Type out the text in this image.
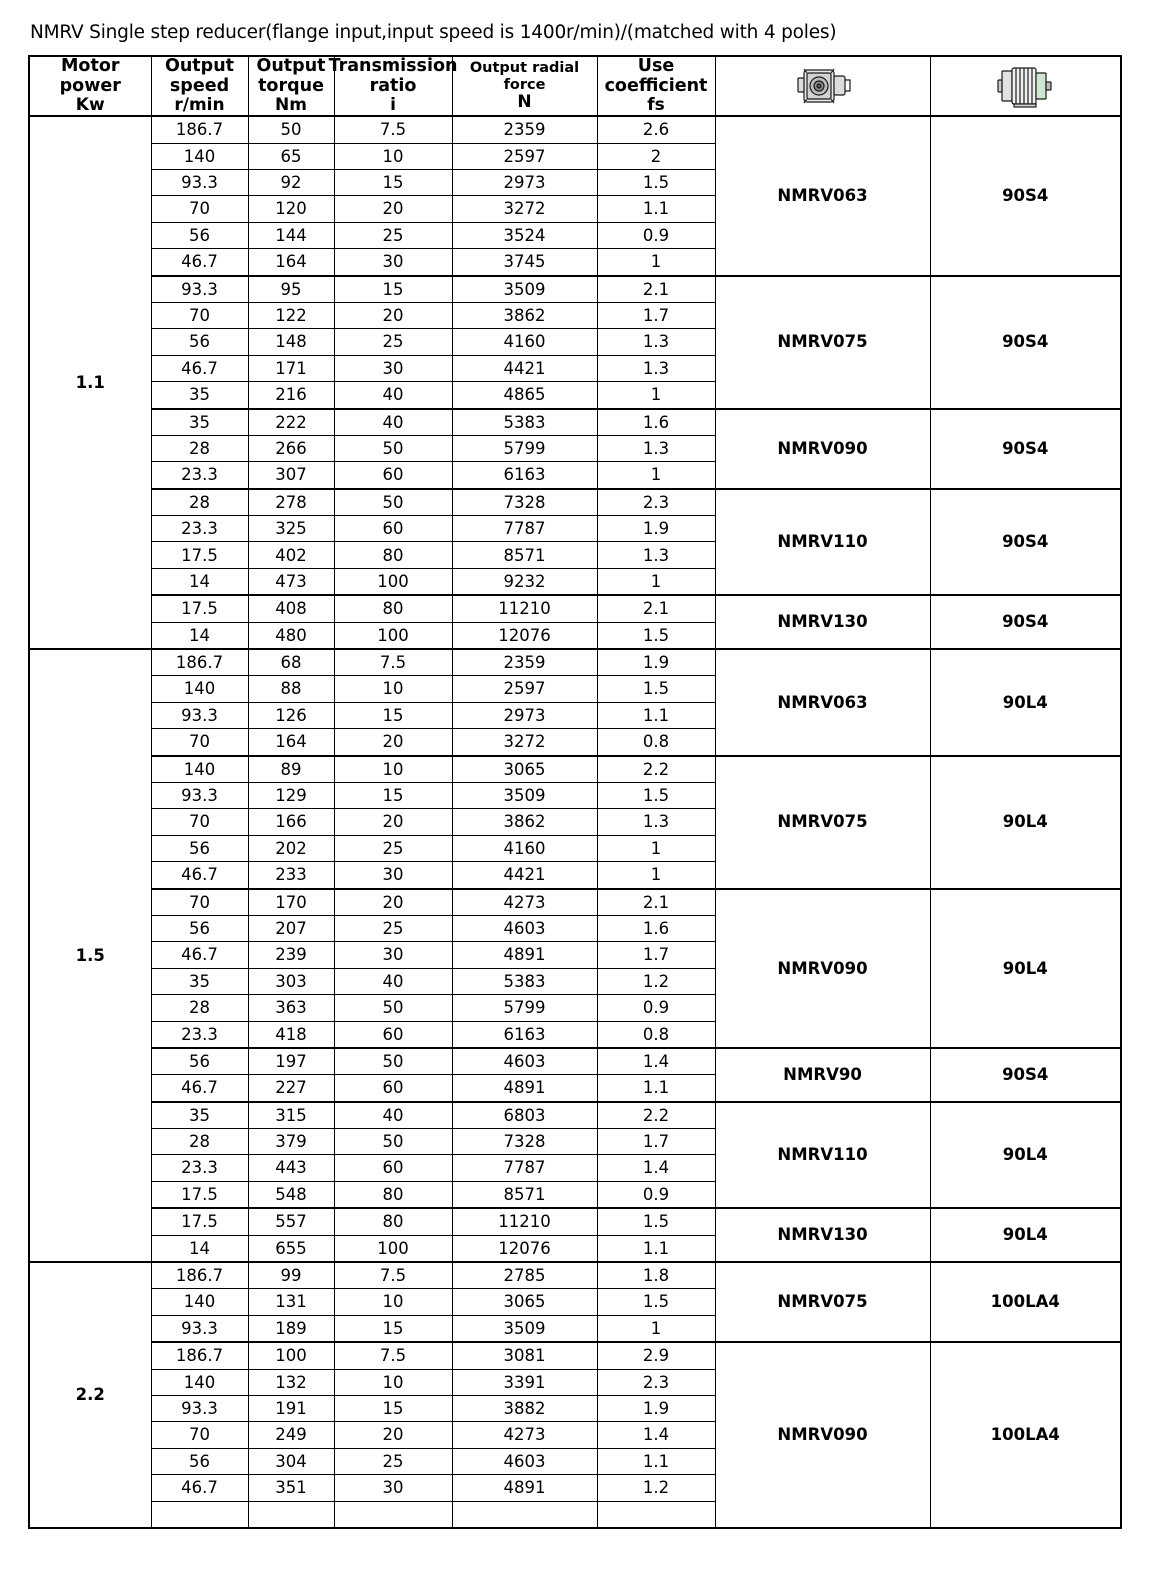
NMRV Single step reducer(flange input,input speed is 1400r/min)/(matched with 4 poles)
Motor
power
Kw	Output
speed
r/min	Output
torque
Nm	Transmission
ratio
i	Output radial force
N	Use
coefficient
fs

1.1	186.7	50	7.5	2359	2.6	NMRV063	90S4
	140	65	10	2597	2		
	93.3	92	15	2973	1.5		
	70	120	20	3272	1.1		
	56	144	25	3524	0.9		
	46.7	164	30	3745	1		
	93.3	95	15	3509	2.1	NMRV075	90S4
	70	122	20	3862	1.7		
	56	148	25	4160	1.3		
	46.7	171	30	4421	1.3		
	35	216	40	4865	1		
	35	222	40	5383	1.6	NMRV090	90S4
	28	266	50	5799	1.3		
	23.3	307	60	6163	1		
	28	278	50	7328	2.3	NMRV110	90S4
	23.3	325	60	7787	1.9		
	17.5	402	80	8571	1.3		
	14	473	100	9232	1		
	17.5	408	80	11210	2.1	NMRV130	90S4
	14	480	100	12076	1.5		
1.5	186.7	68	7.5	2359	1.9	NMRV063	90L4
	140	88	10	2597	1.5		
	93.3	126	15	2973	1.1		
	70	164	20	3272	0.8		
	140	89	10	3065	2.2	NMRV075	90L4
	93.3	129	15	3509	1.5		
	70	166	20	3862	1.3		
	56	202	25	4160	1		
	46.7	233	30	4421	1		
	70	170	20	4273	2.1	NMRV090	90L4
	56	207	25	4603	1.6		
	46.7	239	30	4891	1.7		
	35	303	40	5383	1.2		
	28	363	50	5799	0.9		
	23.3	418	60	6163	0.8		
	56	197	50	4603	1.4	NMRV90	90S4
	46.7	227	60	4891	1.1		
	35	315	40	6803	2.2	NMRV110	90L4
	28	379	50	7328	1.7		
	23.3	443	60	7787	1.4		
	17.5	548	80	8571	0.9		
	17.5	557	80	11210	1.5	NMRV130	90L4
	14	655	100	12076	1.1		
2.2	186.7	99	7.5	2785	1.8	NMRV075	100LA4
	140	131	10	3065	1.5		
	93.3	189	15	3509	1		
	186.7	100	7.5	3081	2.9	NMRV090	100LA4
	140	132	10	3391	2.3		
	93.3	191	15	3882	1.9		
	70	249	20	4273	1.4		
	56	304	25	4603	1.1		
	46.7	351	30	4891	1.2		
